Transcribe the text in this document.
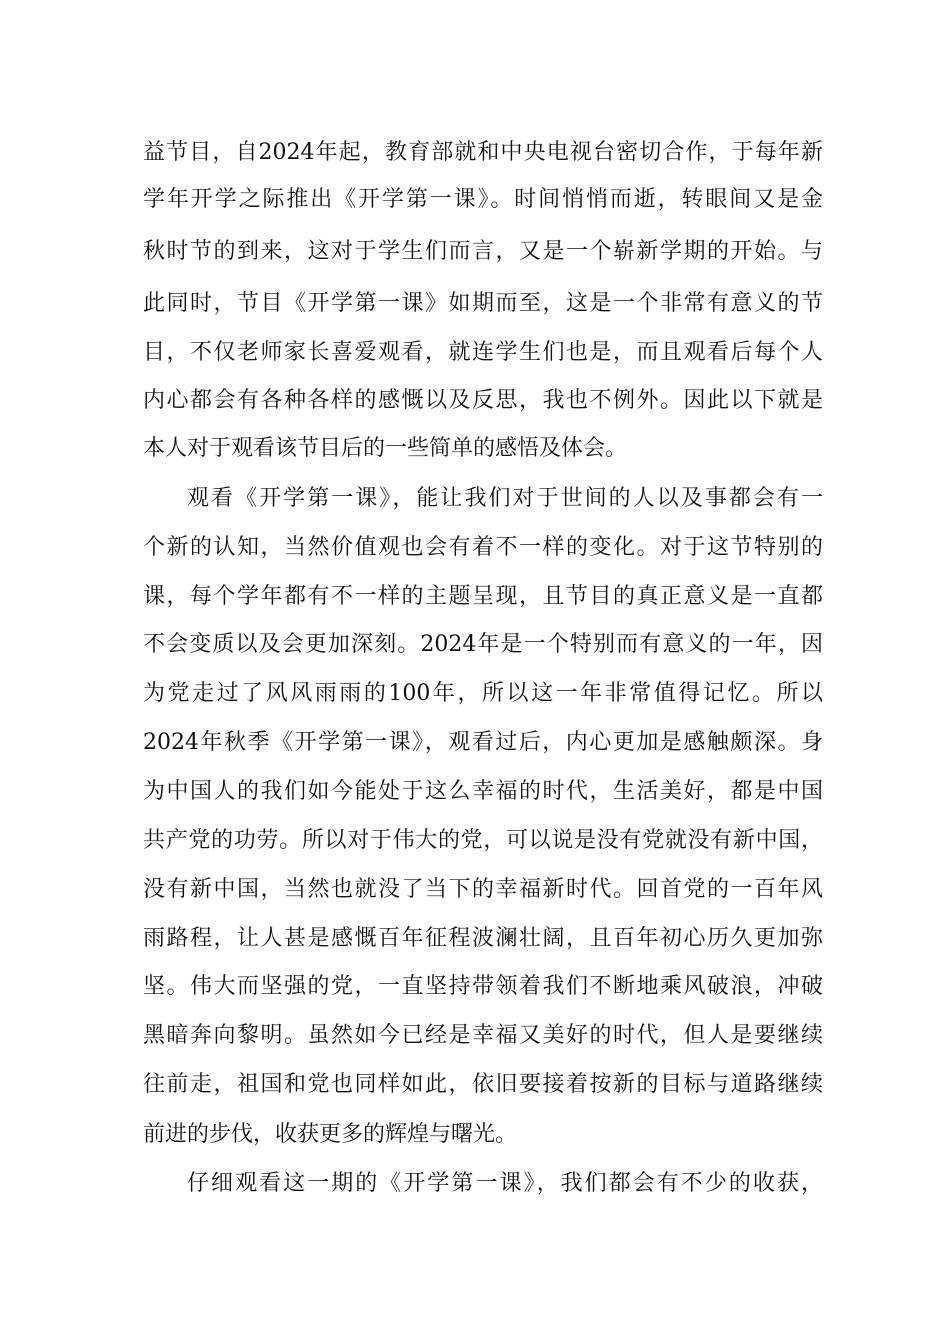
益节目，自2024年起，教育部就和中央电视台密切合作，于每年新
学年开学之际推出《开学第一课》。时间悄悄而逝，转眼间又是金
秋时节的到来，这对于学生们而言，又是一个崭新学期的开始。与
此同时，节目《开学第一课》如期而至，这是一个非常有意义的节
目，不仅老师家长喜爱观看，就连学生们也是，而且观看后每个人
内心都会有各种各样的感慨以及反思，我也不例外。因此以下就是
本人对于观看该节目后的一些简单的感悟及体会。
观看《开学第一课》，能让我们对于世间的人以及事都会有一
个新的认知，当然价值观也会有着不一样的变化。对于这节特别的
课，每个学年都有不一样的主题呈现，且节目的真正意义是一直都
不会变质以及会更加深刻。2024年是一个特别而有意义的一年，因
为党走过了风风雨雨的100年，所以这一年非常值得记忆。所以
2024年秋季《开学第一课》，观看过后，内心更加是感触颇深。身
为中国人的我们如今能处于这么幸福的时代，生活美好，都是中国
共产党的功劳。所以对于伟大的党，可以说是没有党就没有新中国，
没有新中国，当然也就没了当下的幸福新时代。回首党的一百年风
雨路程，让人甚是感慨百年征程波澜壮阔，且百年初心历久更加弥
坚。伟大而坚强的党，一直坚持带领着我们不断地乘风破浪，冲破
黑暗奔向黎明。虽然如今已经是幸福又美好的时代，但人是要继续
往前走，祖国和党也同样如此，依旧要接着按新的目标与道路继续
前进的步伐，收获更多的辉煌与曙光。
仔细观看这一期的《开学第一课》，我们都会有不少的收获，
